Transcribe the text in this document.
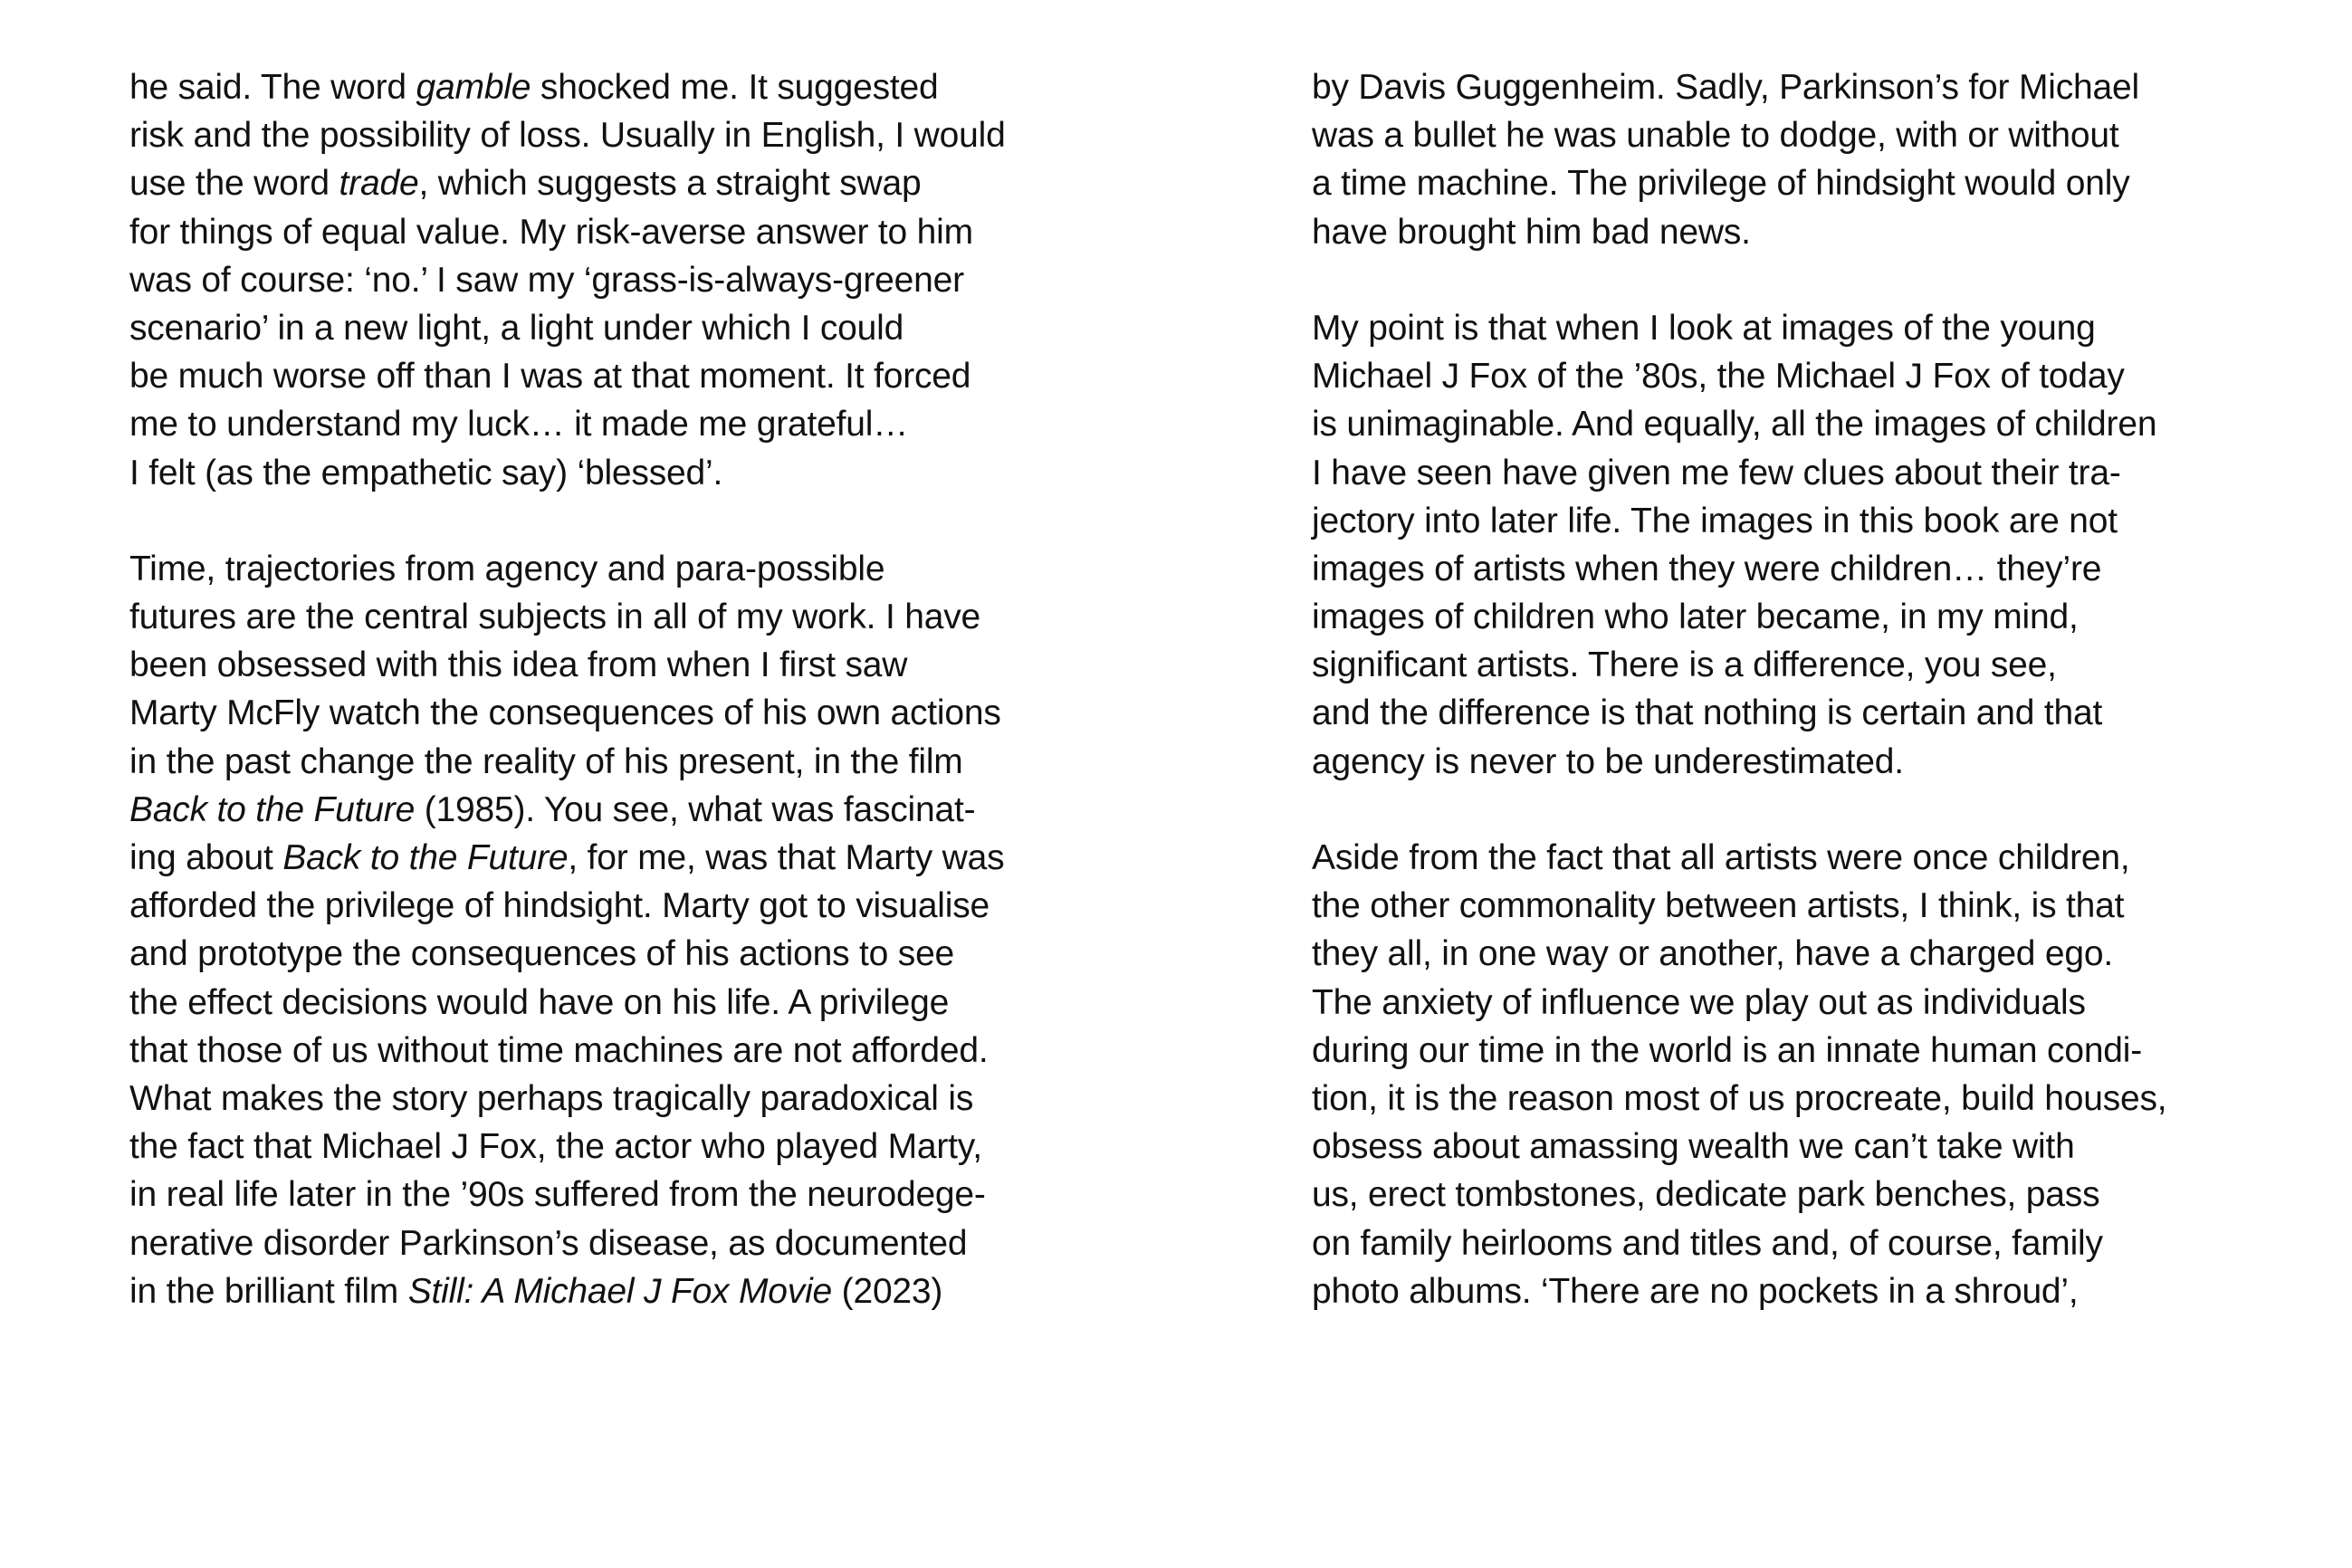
he said. The word gamble shocked me. It suggested
risk and the possibility of loss. Usually in English, I would
use the word trade, which suggests a straight swap
for things of equal value. My risk-averse answer to him
was of course: ‘no.’ I saw my ‘grass-is-always-greener
scenario’ in a new light, a light under which I could
be much worse off than I was at that moment. It forced
me to understand my luck… it made me grateful…
I felt (as the empathetic say) ‘blessed’.
Time, trajectories from agency and para-possible
futures are the central subjects in all of my work. I have
been obsessed with this idea from when I first saw
Marty McFly watch the consequences of his own actions
in the past change the reality of his present, in the film
Back to the Future (1985). You see, what was fascinat-
ing about Back to the Future, for me, was that Marty was
afforded the privilege of hindsight. Marty got to visualise
and prototype the consequences of his actions to see
the effect decisions would have on his life. A privilege
that those of us without time machines are not afforded.
What makes the story perhaps tragically paradoxical is
the fact that Michael J Fox, the actor who played Marty,
in real life later in the ’90s suffered from the neurodege-
nerative disorder Parkinson’s disease, as documented
in the brilliant film Still: A Michael J Fox Movie (2023)
by Davis Guggenheim. Sadly, Parkinson’s for Michael
was a bullet he was unable to dodge, with or without
a time machine. The privilege of hindsight would only
have brought him bad news.
My point is that when I look at images of the young
Michael J Fox of the ’80s, the Michael J Fox of today
is unimaginable. And equally, all the images of children
I have seen have given me few clues about their tra-
jectory into later life. The images in this book are not
images of artists when they were children… they’re
images of children who later became, in my mind,
significant artists. There is a difference, you see,
and the difference is that nothing is certain and that
agency is never to be underestimated.
Aside from the fact that all artists were once children,
the other commonality between artists, I think, is that
they all, in one way or another, have a charged ego.
The anxiety of influence we play out as individuals
during our time in the world is an innate human condi-
tion, it is the reason most of us procreate, build houses,
obsess about amassing wealth we can’t take with
us, erect tombstones, dedicate park benches, pass
on family heirlooms and titles and, of course, family
photo albums. ‘There are no pockets in a shroud’,
